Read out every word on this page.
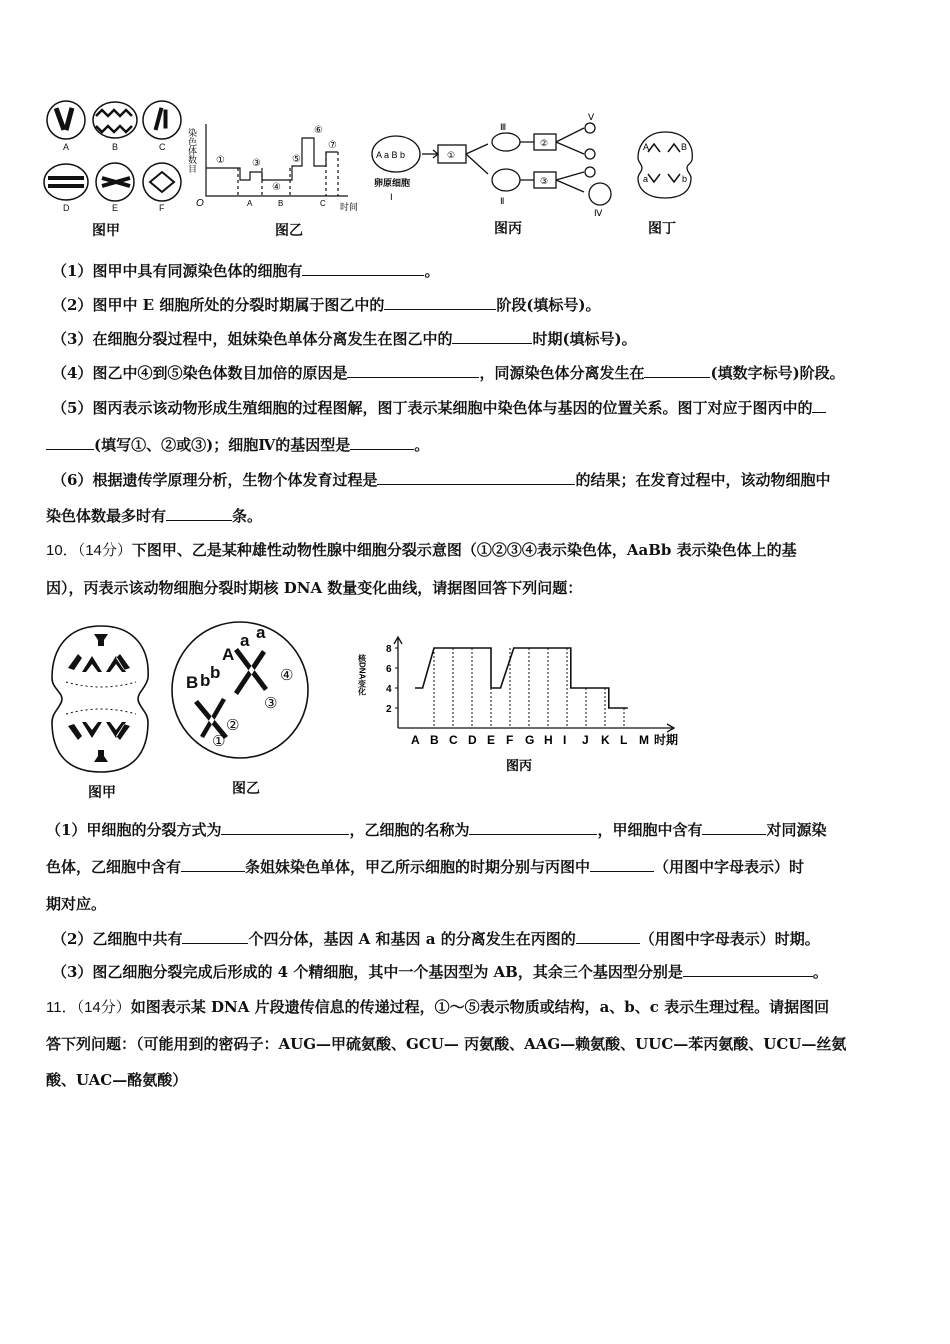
A	B	C
D	E	F
图甲
染色体数目
O	时间
A	B	C
①	③
④
⑤
⑥
⑦
图乙
A a B b	①
②
③
Ⅲ
Ⅱ
Ⅴ
Ⅳ
卵原细胞
Ⅰ
图丙
A	B
a	b
图丁
（1）图甲中具有同源染色体的细胞有	。
（2）图甲中 E 细胞所处的分裂时期属于图乙中的	阶段(填标号)。
（3）在细胞分裂过程中，姐妹染色单体分离发生在图乙中的	时期(填标号)。
（4）图乙中④到⑤染色体数目加倍的原因是	，同源染色体分离发生在	(填数字标号)阶段。
（5）图丙表示该动物形成生殖细胞的过程图解，图丁表示某细胞中染色体与基因的位置关系。图丁对应于图丙中的
(填写①、②或③)；细胞Ⅳ的基因型是	。
（6）根据遗传学原理分析，生物个体发育过程是	的结果；在发育过程中，该动物细胞中
染色体数最多时有	条。
10．（14分）下图甲、乙是某种雄性动物性腺中细胞分裂示意图（①②③④表示染色体，AaBb 表示染色体上的基
因），丙表示该动物细胞分裂时期核 DNA 数量变化曲线，请据图回答下列问题：
图甲
B b b
A
a a
①
②
③
④
图乙
核DNA变化
时期
图丙
2
4
6
8
A B C D E F G H I J K L M
（1）甲细胞的分裂方式为	，乙细胞的名称为	，甲细胞中含有	对同源染
色体，乙细胞中含有	条姐妹染色单体，甲乙所示细胞的时期分别与丙图中	（用图中字母表示）时
期对应。
（2）乙细胞中共有	个四分体，基因 A 和基因 a 的分离发生在丙图的	（用图中字母表示）时期。
（3）图乙细胞分裂完成后形成的 4 个精细胞，其中一个基因型为 AB，其余三个基因型分别是	。
11．（14分）如图表示某 DNA 片段遗传信息的传递过程，①～⑤表示物质或结构，a、b、c 表示生理过程。请据图回
答下列问题：（可能用到的密码子：AUG—甲硫氨酸、GCU— 丙氨酸、AAG—赖氨酸、UUC—苯丙氨酸、UCU—丝氨
酸、UAC—酪氨酸）
